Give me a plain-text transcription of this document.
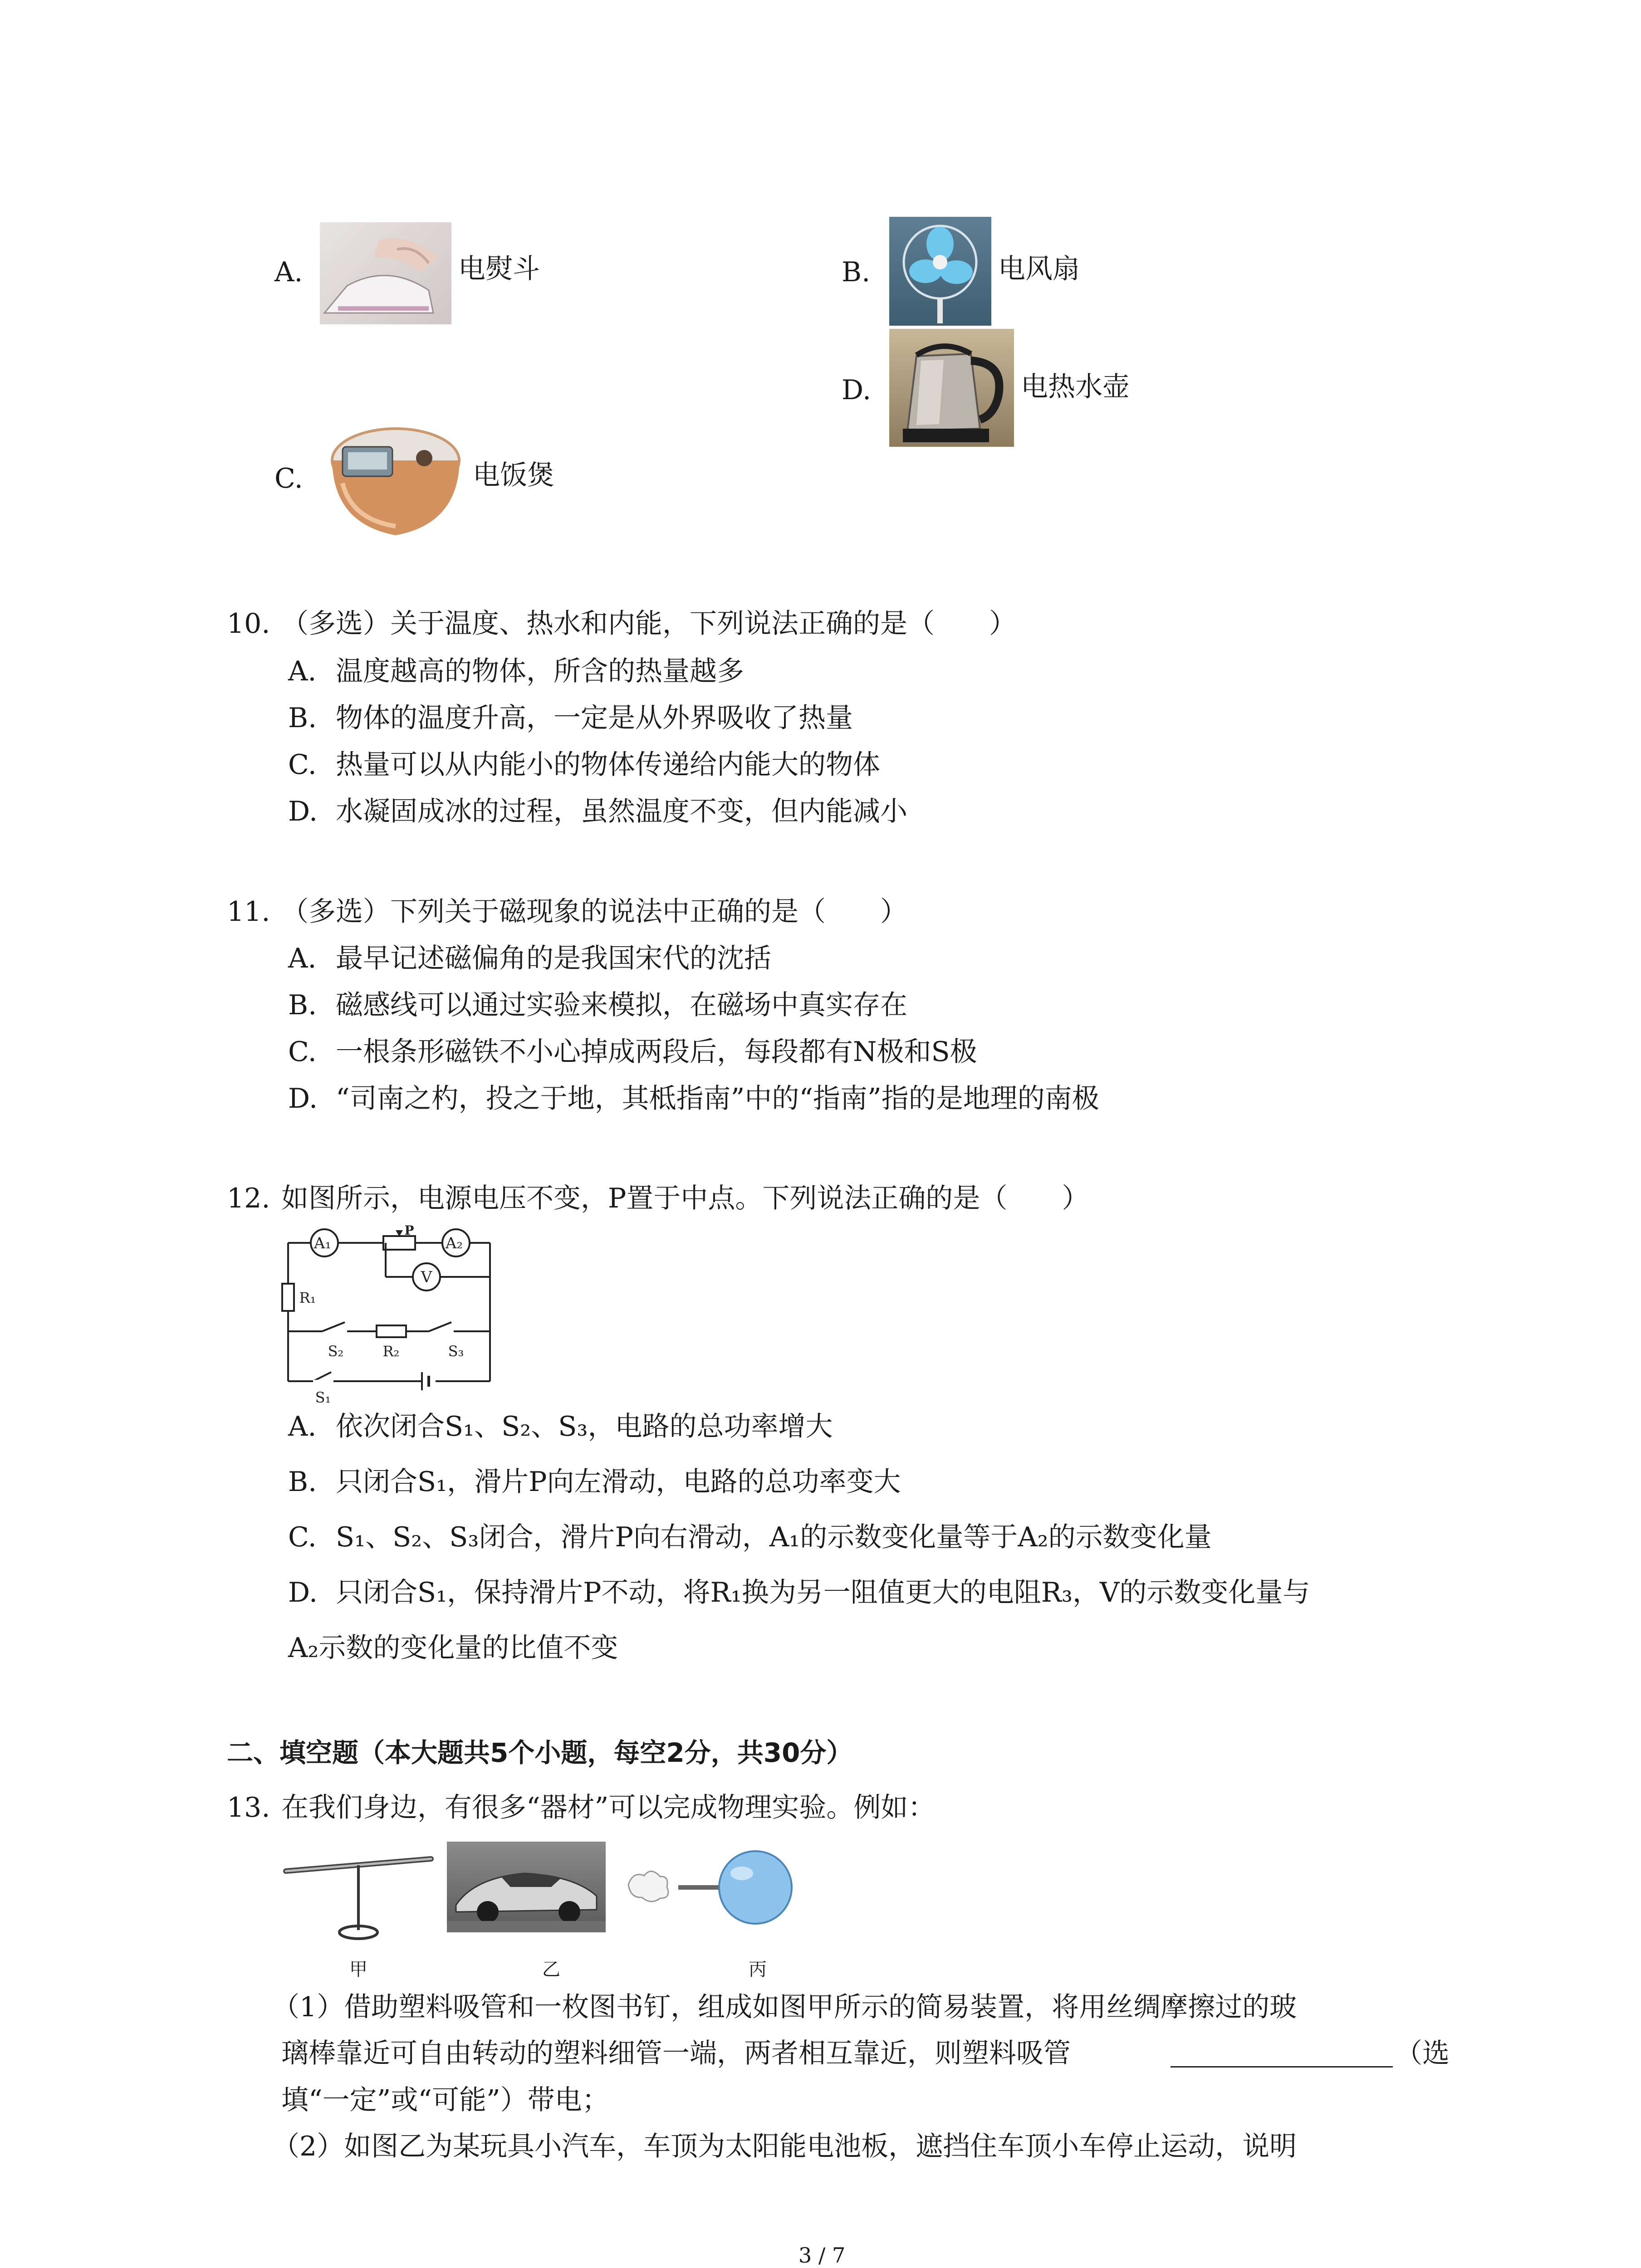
A.	电熨斗	B.	电风扇
D.	电热水壶
C.	电饭煲
10. （多选）关于温度、热水和内能，下列说法正确的是（　　）
A. 温度越高的物体，所含的热量越多
B. 物体的温度升高，一定是从外界吸收了热量
C. 热量可以从内能小的物体传递给内能大的物体
D. 水凝固成冰的过程，虽然温度不变，但内能减小
11. （多选）下列关于磁现象的说法中正确的是（　　）
A. 最早记述磁偏角的是我国宋代的沈括
B. 磁感线可以通过实验来模拟，在磁场中真实存在
C. 一根条形磁铁不小心掉成两段后，每段都有N极和S极
D. “司南之杓，投之于地，其柢指南”中的“指南”指的是地理的南极
12. 如图所示，电源电压不变，P置于中点。下列说法正确的是（　　）
A₁	A₂
V
P
R₁
R₂
S₂	S₃
S₁
A. 依次闭合S₁、S₂、S₃，电路的总功率增大
B. 只闭合S₁，滑片P向左滑动，电路的总功率变大
C. S₁、S₂、S₃闭合，滑片P向右滑动，A₁的示数变化量等于A₂的示数变化量
D. 只闭合S₁，保持滑片P不动，将R₁换为另一阻值更大的电阻R₃，V的示数变化量与
A₂示数的变化量的比值不变
二、填空题（本大题共5个小题，每空2分，共30分）
13. 在我们身边，有很多“器材”可以完成物理实验。例如：
甲	乙	丙
（1）借助塑料吸管和一枚图书钉，组成如图甲所示的简易装置，将用丝绸摩擦过的玻
璃棒靠近可自由转动的塑料细管一端，两者相互靠近，则塑料吸管	（选
填“一定”或“可能”）带电；
（2）如图乙为某玩具小汽车，车顶为太阳能电池板，遮挡住车顶小车停止运动，说明
3 / 7
